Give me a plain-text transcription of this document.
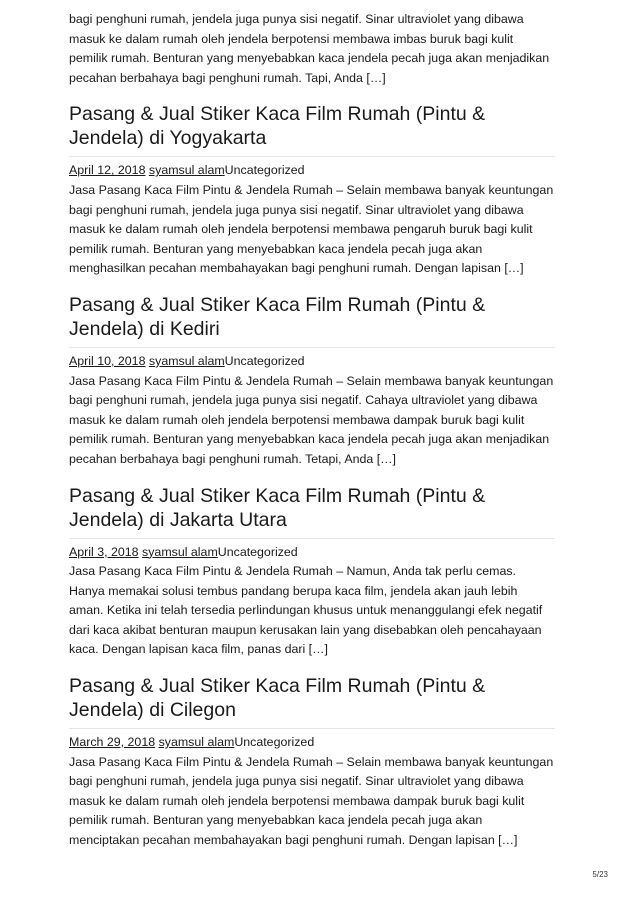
bagi penghuni rumah, jendela juga punya sisi negatif. Sinar ultraviolet yang dibawa masuk ke dalam rumah oleh jendela berpotensi membawa imbas buruk bagi kulit pemilik rumah. Benturan yang menyebabkan kaca jendela pecah juga akan menjadikan pecahan berbahaya bagi penghuni rumah. Tapi, Anda […]

Pasang & Jual Stiker Kaca Film Rumah (Pintu & Jendela) di Yogyakarta
April 12, 2018 syamsul alamUncategorized

Jasa Pasang Kaca Film Pintu & Jendela Rumah – Selain membawa banyak keuntungan bagi penghuni rumah, jendela juga punya sisi negatif. Sinar ultraviolet yang dibawa masuk ke dalam rumah oleh jendela berpotensi membawa pengaruh buruk bagi kulit pemilik rumah. Benturan yang menyebabkan kaca jendela pecah juga akan menghasilkan pecahan membahayakan bagi penghuni rumah. Dengan lapisan […]

Pasang & Jual Stiker Kaca Film Rumah (Pintu & Jendela) di Kediri
April 10, 2018 syamsul alamUncategorized

Jasa Pasang Kaca Film Pintu & Jendela Rumah – Selain membawa banyak keuntungan bagi penghuni rumah, jendela juga punya sisi negatif. Cahaya ultraviolet yang dibawa masuk ke dalam rumah oleh jendela berpotensi membawa dampak buruk bagi kulit pemilik rumah. Benturan yang menyebabkan kaca jendela pecah juga akan menjadikan pecahan berbahaya bagi penghuni rumah. Tetapi, Anda […]

Pasang & Jual Stiker Kaca Film Rumah (Pintu & Jendela) di Jakarta Utara
April 3, 2018 syamsul alamUncategorized

Jasa Pasang Kaca Film Pintu & Jendela Rumah – Namun, Anda tak perlu cemas. Hanya memakai solusi tembus pandang berupa kaca film, jendela akan jauh lebih aman. Ketika ini telah tersedia perlindungan khusus untuk menanggulangi efek negatif dari kaca akibat benturan maupun kerusakan lain yang disebabkan oleh pencahayaan kaca. Dengan lapisan kaca film, panas dari […]

Pasang & Jual Stiker Kaca Film Rumah (Pintu & Jendela) di Cilegon
March 29, 2018 syamsul alamUncategorized

Jasa Pasang Kaca Film Pintu & Jendela Rumah – Selain membawa banyak keuntungan bagi penghuni rumah, jendela juga punya sisi negatif. Sinar ultraviolet yang dibawa masuk ke dalam rumah oleh jendela berpotensi membawa dampak buruk bagi kulit pemilik rumah. Benturan yang menyebabkan kaca jendela pecah juga akan menciptakan pecahan membahayakan bagi penghuni rumah. Dengan lapisan […]

5/23
